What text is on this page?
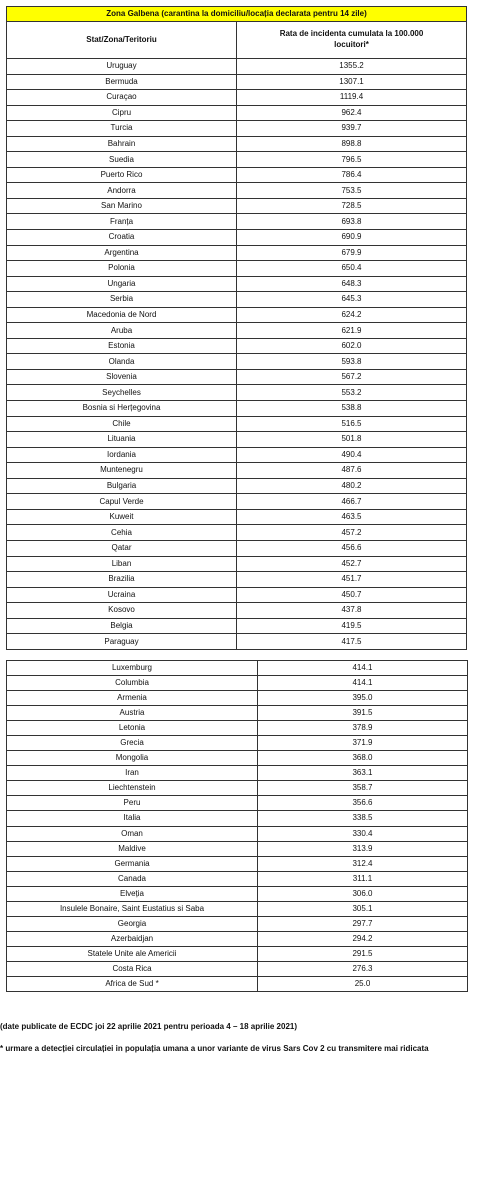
Zona Galbena (carantina la domiciliu/locația declarata pentru 14 zile)	
Stat/Zona/Teritoriu	Rata de incidenta cumulata la 100.000 locuitori*
Uruguay	1355.2
Bermuda	1307.1
Curaçao	1119.4
Cipru	962.4
Turcia	939.7
Bahrain	898.8
Suedia	796.5
Puerto Rico	786.4
Andorra	753.5
San Marino	728.5
Franța	693.8
Croatia	690.9
Argentina	679.9
Polonia	650.4
Ungaria	648.3
Serbia	645.3
Macedonia de Nord	624.2
Aruba	621.9
Estonia	602.0
Olanda	593.8
Slovenia	567.2
Seychelles	553.2
Bosnia si Herțegovina	538.8
Chile	516.5
Lituania	501.8
Iordania	490.4
Muntenegru	487.6
Bulgaria	480.2
Capul Verde	466.7
Kuweit	463.5
Cehia	457.2
Qatar	456.6
Liban	452.7
Brazilia	451.7
Ucraina	450.7
Kosovo	437.8
Belgia	419.5
Paraguay	417.5
Luxemburg	414.1
Columbia	414.1
Armenia	395.0
Austria	391.5
Letonia	378.9
Grecia	371.9
Mongolia	368.0
Iran	363.1
Liechtenstein	358.7
Peru	356.6
Italia	338.5
Oman	330.4
Maldive	313.9
Germania	312.4
Canada	311.1
Elveția	306.0
Insulele Bonaire, Saint Eustatius si Saba	305.1
Georgia	297.7
Azerbaidjan	294.2
Statele Unite ale Americii	291.5
Costa Rica	276.3
Africa de Sud *	25.0

(date publicate de ECDC joi 22 aprilie 2021 pentru perioada 4 – 18 aprilie 2021)

* urmare a detecției circulației in populația umana a unor variante de virus Sars Cov 2 cu transmitere mai ridicata
